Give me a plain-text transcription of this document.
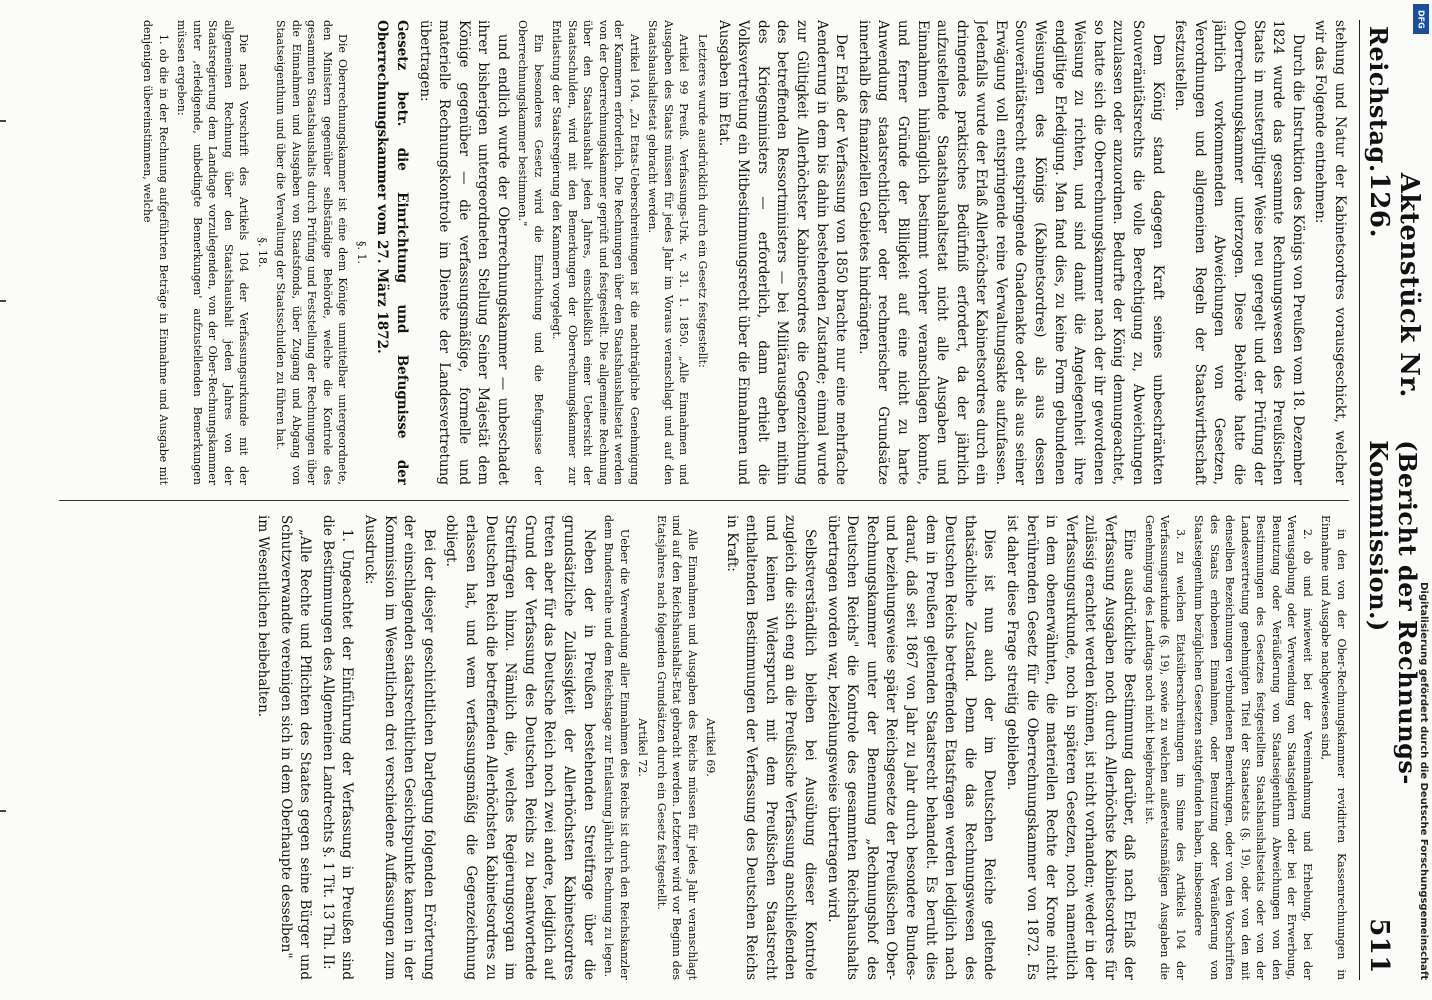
Reichstag.
Aktenstück Nr. 126.
(Bericht der Rechnungs-Kommission.)
511

stehung und Natur der Kabinetsordres vorausgeschickt, welcher wir das Folgende entnehmen:

Durch die Instruktion des Königs von Preußen vom 18. Dezember 1824 wurde das gesammte Rechnungswesen des Preußischen Staats in mustergiltiger Weise neu geregelt und der Prüfung der Oberrechnungskammer unterzogen. Diese Behörde hatte die jährlich vorkommenden Abweichungen von Gesetzen, Verordnungen und allgemeinen Regeln der Staatswirthschaft festzustellen.

Dem König stand dagegen Kraft seines unbeschränkten Souveränitätsrechts die volle Berechtigung zu, Abweichungen zuzulassen oder anzuordnen. Bedurfte der König demungeachtet, so hatte sich die Oberrechnungskammer nach der ihr gewordenen Weisung zu richten, und sind damit die Angelegenheit ihre endgiltige Erledigung. Man fand dies, zu keine Form gebundenen Weisungen des Königs (Kabinetsordres) als aus dessen Souveränitätsrecht entspringende Gnadenakte oder als aus seiner Erwägung voll entspringende reine Verwaltungsakte aufzufassen. Jedenfalls wurde der Erlaß Allerhöchster Kabinetsordres durch ein dringendes praktisches Bedürfniß erfordert, da der jährlich aufzustellende Staatshaushaltsetat nicht alle Ausgaben und Einnahmen hinlänglich bestimmt vorher veranschlagen konnte, und ferner Gründe der Billigkeit auf eine nicht zu harte Anwendung staatsrechtlicher oder rechnerischer Grundsätze innerhalb des finanziellen Gebietes hindrängten.

Der Erlaß der Verfassung von 1850 brachte nur eine mehrfache Aenderung in dem bis dahin bestehenden Zustande; einmal wurde zur Gültigkeit Allerhöchster Kabinetsordres die Gegenzeichnung des betreffenden Ressortministers — bei Militärausgaben mithin des Kriegsministers — erforderlich, dann erhielt die Volksvertretung ein Mitbestimmungsrecht über die Einnahmen und Ausgaben im Etat.

Letzteres wurde ausdrücklich durch ein Gesetz festgestellt:

Artikel 99 Preuß. Verfassungs-Urk. v. 31. 1. 1850. „Alle Einnahmen und Ausgaben des Staats müssen für jedes Jahr im Voraus veranschlagt und auf den Staatshaushaltsetat gebracht werden.

Artikel 104. „Zu Etats-Ueberschreitungen ist die nachträgliche Genehmigung der Kammern erforderlich. Die Rechnungen über den Staatshaushaltsetat werden von der Oberrechnungskammer geprüft und festgestellt. Die allgemeine Rechnung über den Staatshaushalt jeden Jahres, einschließlich einer Uebersicht der Staatsschulden, wird mit den Bemerkungen der Oberrechnungskammer zur Entlastung der Staatsregierung den Kammern vorgelegt.

Ein besonderes Gesetz wird die Einrichtung und die Befugnisse der Oberrechnungskammer bestimmen."

und endlich wurde der Oberrechnungskammer — unbeschadet ihrer bisherigen untergeordneten Stellung Seiner Majestät dem Könige gegenüber — die verfassungsmäßige, formelle und materielle Rechnungskontrole im Dienste der Landesvertretung übertragen:

Gesetz betr. die Einrichtung und Befugnisse der Oberrechnungskammer vom 27. März 1872.

§. 1.

Die Oberrechnungskammer ist eine dem Könige unmittelbar untergeordnete, den Ministern gegenüber selbständige Behörde, welche die Kontrole des gesammten Staatshaushalts durch Prüfung und Feststellung der Rechnungen über die Einnahmen und Ausgaben von Staatsfonds, über Zugang und Abgang von Staatseigenthum und über die Verwaltung der Staatsschulden zu führen hat.

§. 18.

Die nach Vorschrift des Artikels 104 der Verfassungsurkunde mit der allgemeinen Rechnung über den Staatshaushalt jeden Jahres von der Staatsregierung dem Landtage vorzulegenden, von der Ober-Rechnungskammer unter ,erledigende, unbedingte Bemerkungen' aufzustellenden Bemerkungen müssen ergeben:

1. ob die in der Rechnung aufgeführten Beträge in Einnahme und Ausgabe mit denjenigen übereinstimmen, welche

in den von der Ober-Rechnungskammer revidirten Kassenrechnungen in Einnahme und Ausgabe nachgewiesen sind,

2. ob und inwieweit bei der Vereinnahmung und Erhebung, bei der Verausgabung oder Verwendung von Staatsgeldern oder bei der Erwerbung, Benutzung oder Veräußerung von Staatseigenthum Abweichungen von den Bestimmungen des Gesetzes festgestellten Staatshaushaltsetats oder von der Landesvertretung genehmigten Titel der Staatsetats (§. 19), oder von den mit denselben Bezeichnungen verbundenen Bemerkungen, oder von den Vorschriften des Staats erhobenen Einnahmen, oder Benutzung oder Veräußerung von Staatseigenthum bezüglichen Gesetzen stattgefunden haben, insbesondere

3. zu welchen Etatsüberschreitungen im Sinne des Artikels 104 der Verfassungsurkunde (§. 19), sowie zu welchen außeretatsmäßigen Ausgaben die Genehmigung des Landtags noch nicht beigebracht ist.

Eine ausdrückliche Bestimmung darüber, daß nach Erlaß der Verfassung Ausgaben noch durch Allerhöchste Kabinetsordres für zulässig erachtet werden können, ist nicht vorhanden; weder in der Verfassungsurkunde, noch in späteren Gesetzen, noch namentlich in dem obenerwähnten, die materiellen Rechte der Krone nicht berührenden Gesetz für die Oberrechnungskammer von 1872. Es ist daher diese Frage streitig geblieben.

Dies ist nun auch der im Deutschen Reiche geltende thatsächliche Zustand. Denn die das Rechnungswesen des Deutschen Reichs betreffenden Etatsfragen werden lediglich nach dem in Preußen geltenden Staatsrecht behandelt. Es beruht dies darauf, daß seit 1867 von Jahr zu Jahr durch besondere Bundes- und beziehungsweise später Reichsgesetze der Preußischen Ober-Rechnungskammer unter der Benennung „Rechnungshof des Deutschen Reichs" die Kontrole des gesammten Reichshaushalts übertragen worden war, beziehungsweise übertragen wird.

Selbstverständlich bleiben bei Ausübung dieser Kontrole zugleich die sich eng an die Preußische Verfassung anschließenden und keinen Widerspruch mit dem Preußischen Staatsrecht enthaltenden Bestimmungen der Verfassung des Deutschen Reichs in Kraft:

Artikel 69.

Alle Einnahmen und Ausgaben des Reichs müssen für jedes Jahr veranschlagt und auf den Reichshaushalts-Etat gebracht werden. Letzterer wird vor Beginn des Etatsjahres nach folgenden Grundsätzen durch ein Gesetz festgestellt.

Artikel 72.

Ueber die Verwendung aller Einnahmen des Reichs ist durch den Reichskanzler dem Bundesrathe und dem Reichstage zur Entlastung jährlich Rechnung zu legen.

Neben der in Preußen bestehenden Streitfrage über die grundsätzliche Zulässigkeit der Allerhöchsten Kabinetsordres treten aber für das Deutsche Reich noch zwei andere, lediglich auf Grund der Verfassung des Deutschen Reichs zu beantwortende Streitfragen hinzu. Nämlich die, welches Regierungsorgan im Deutschen Reich die betreffenden Allerhöchsten Kabinetsordres zu erlassen hat, und wem verfassungsmäßig die Gegenzeichnung obliegt.

Bei der diesjer geschichtlichen Darlegung folgenden Erörterung der einschlagenden staatsrechtlichen Gesichtspunkte kamen in der Kommission im Wesentlichen drei verschiedene Auffassungen zum Ausdruck:

1. Ungeachtet der Einführung der Verfassung in Preußen sind die Bestimmungen des Allgemeinen Landrechts §. 1 Tit. 13 Thl. II:

„Alle Rechte und Pflichten des Staates gegen seine Bürger und Schutzverwandte vereinigen sich in dem Oberhaupte desselben"

im Wesentlichen beibehalten.

DFG
Digitalisierung gefördert durch die Deutsche Forschungsgemeinschaft
